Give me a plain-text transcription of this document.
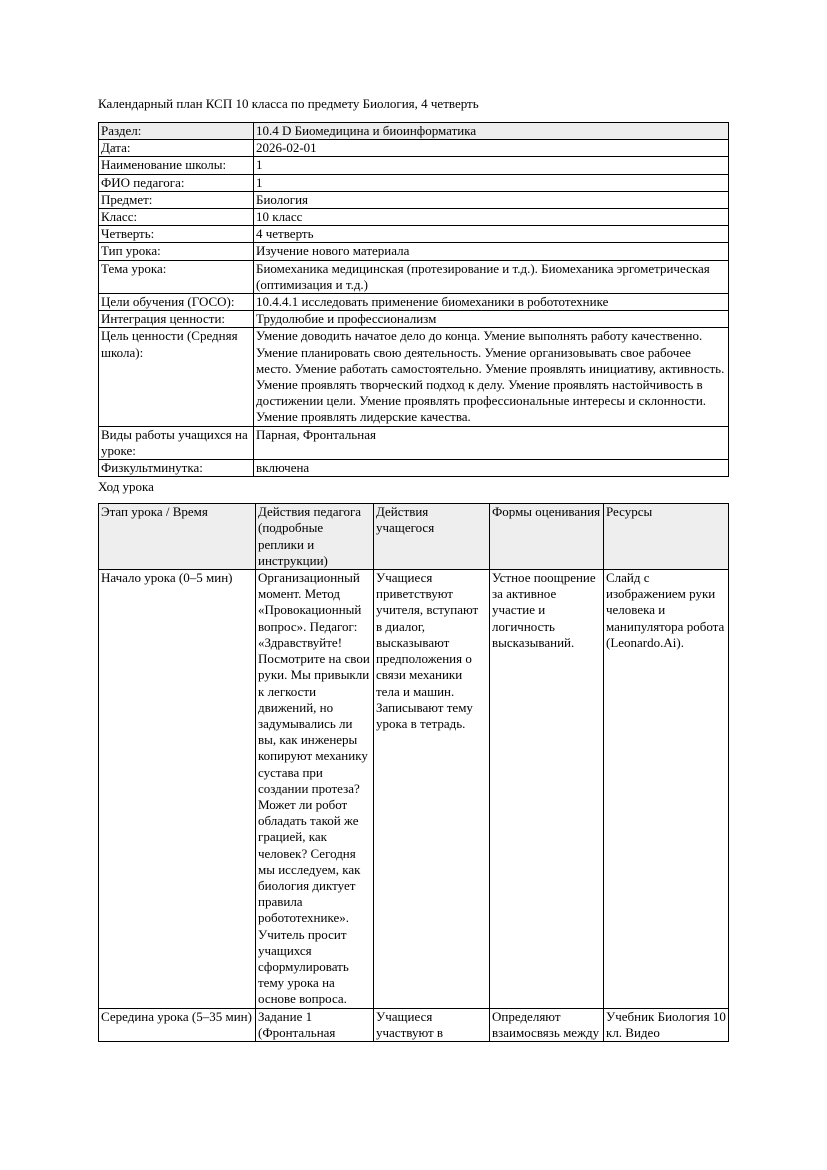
Календарный план КСП 10 класса по предмету Биология, 4 четверть

Раздел:	10.4 D Биомедицина и биоинформатика
Дата:	2026-02-01
Наименование школы:	1
ФИО педагога:	1
Предмет:	Биология
Класс:	10 класс
Четверть:	4 четверть
Тип урока:	Изучение нового материала
Тема урока:	Биомеханика медицинская (протезирование и т.д.). Биомеханика эргометрическая (оптимизация и т.д.)
Цели обучения (ГОСО):	10.4.4.1 исследовать применение биомеханики в робототехнике
Интеграция ценности:	Трудолюбие и профессионализм
Цель ценности (Средняя школа):	Умение доводить начатое дело до конца. Умение выполнять работу качественно. Умение планировать свою деятельность. Умение организовывать свое рабочее место. Умение работать самостоятельно. Умение проявлять инициативу, активность. Умение проявлять творческий подход к делу. Умение проявлять настойчивость в достижении цели. Умение проявлять профессиональные интересы и склонности. Умение проявлять лидерские качества.
Виды работы учащихся на уроке:	Парная, Фронтальная
Физкультминутка:	включена

Ход урока

Этап урока / Время	Действия педагога (подробные реплики и инструкции)	Действия учащегося	Формы оценивания	Ресурсы
Начало урока (0–5 мин)	Организационный момент. Метод «Провокационный вопрос». Педагог: «Здравствуйте! Посмотрите на свои руки. Мы привыкли к легкости движений, но задумывались ли вы, как инженеры копируют механику сустава при создании протеза? Может ли робот обладать такой же грацией, как человек? Сегодня мы исследуем, как биология диктует правила робототехнике». Учитель просит учащихся сформулировать тему урока на основе вопроса.	Учащиеся приветствуют учителя, вступают в диалог, высказывают предположения о связи механики тела и машин. Записывают тему урока в тетрадь.	Устное поощрение за активное участие и логичность высказываний.	Слайд с изображением руки человека и манипулятора робота (Leonardo.Ai).
Середина урока (5–35 мин)	Задание 1 (Фронтальная	Учащиеся участвуют в	Определяют взаимосвязь между	Учебник Биология 10 кл. Видео
